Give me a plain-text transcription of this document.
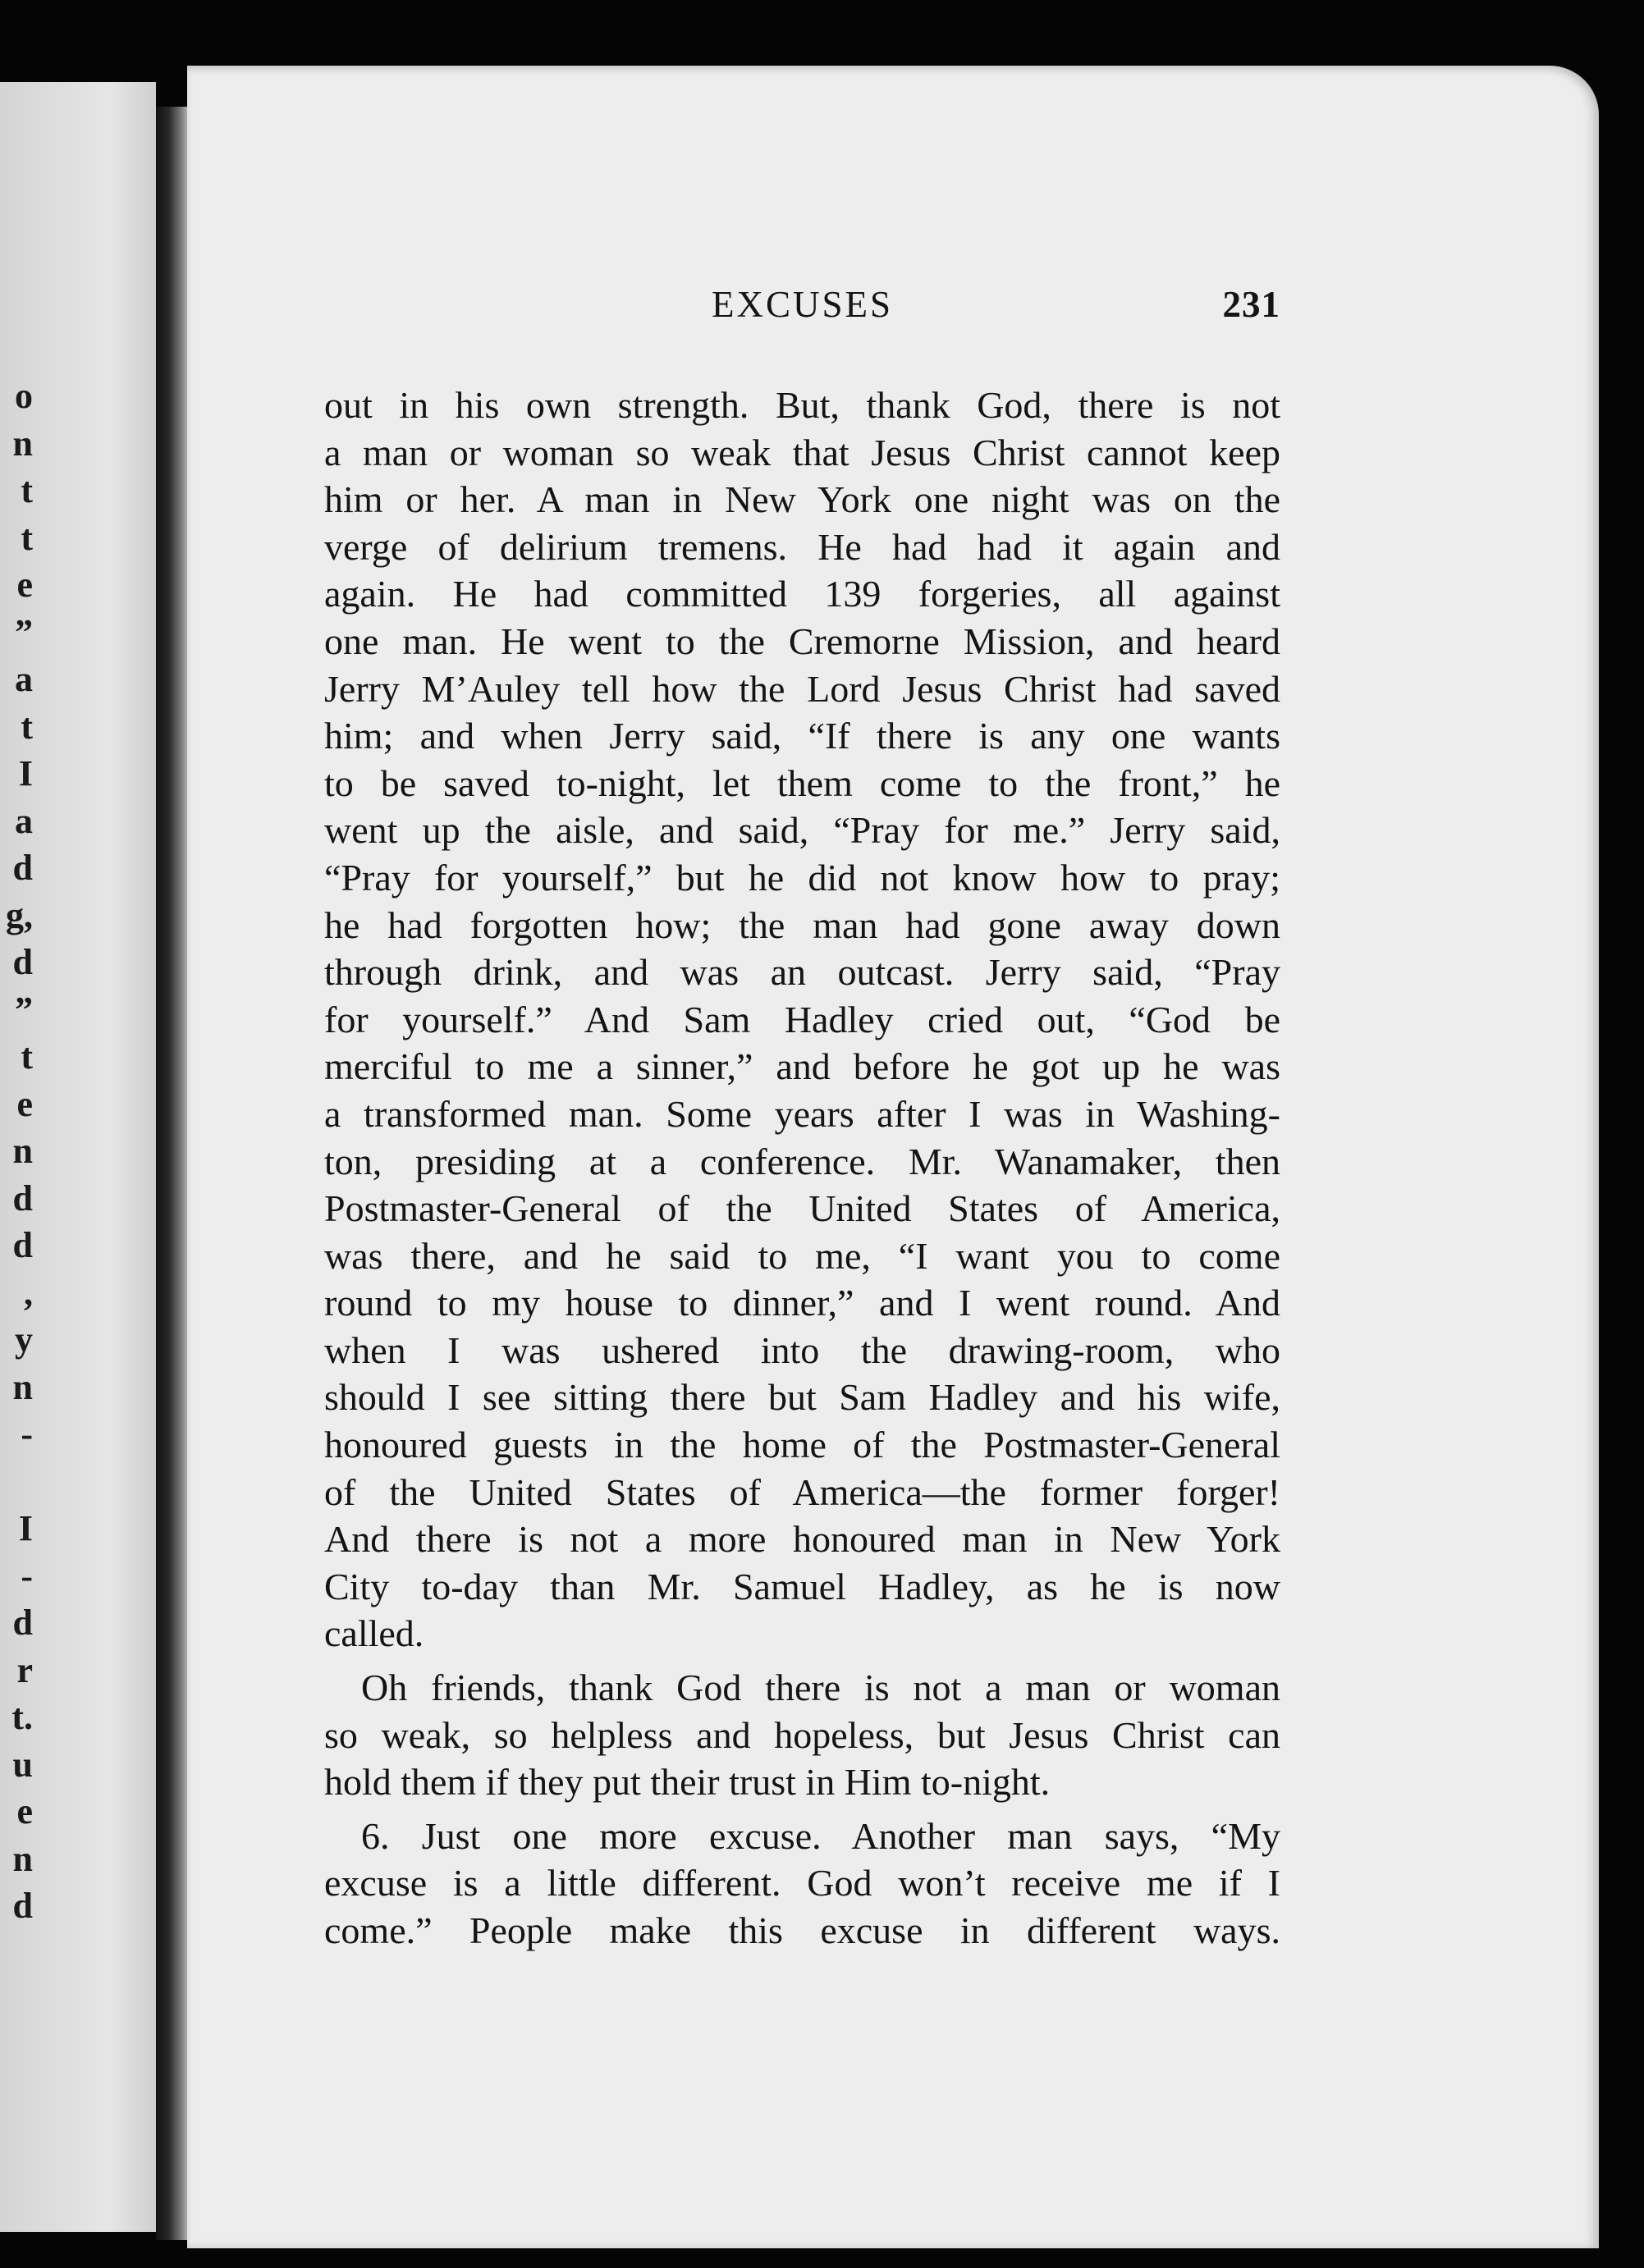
o
n
t
t
e
”
a
t
I
a
d
g,
d
”
t
e
n
d
d
,
y
n
-
I
-
d
r
t.
u
e
n
d
EXCUSES	231
out in his own strength. But, thank God, there is not
a man or woman so weak that Jesus Christ cannot keep
him or her. A man in New York one night was on the
verge of delirium tremens. He had had it again and
again. He had committed 139 forgeries, all against
one man. He went to the Cremorne Mission, and heard
Jerry M’Auley tell how the Lord Jesus Christ had saved
him; and when Jerry said, “If there is any one wants
to be saved to-night, let them come to the front,” he
went up the aisle, and said, “Pray for me.” Jerry said,
“Pray for yourself,” but he did not know how to pray;
he had forgotten how; the man had gone away down
through drink, and was an outcast. Jerry said, “Pray
for yourself.” And Sam Hadley cried out, “God be
merciful to me a sinner,” and before he got up he was
a transformed man. Some years after I was in Washing-
ton, presiding at a conference. Mr. Wanamaker, then
Postmaster-General of the United States of America,
was there, and he said to me, “I want you to come
round to my house to dinner,” and I went round. And
when I was ushered into the drawing-room, who
should I see sitting there but Sam Hadley and his wife,
honoured guests in the home of the Postmaster-General
of the United States of America—the former forger!
And there is not a more honoured man in New York
City to-day than Mr. Samuel Hadley, as he is now
called.
Oh friends, thank God there is not a man or woman
so weak, so helpless and hopeless, but Jesus Christ can
hold them if they put their trust in Him to-night.
6. Just one more excuse. Another man says, “My
excuse is a little different. God won’t receive me if I
come.” People make this excuse in different ways.
